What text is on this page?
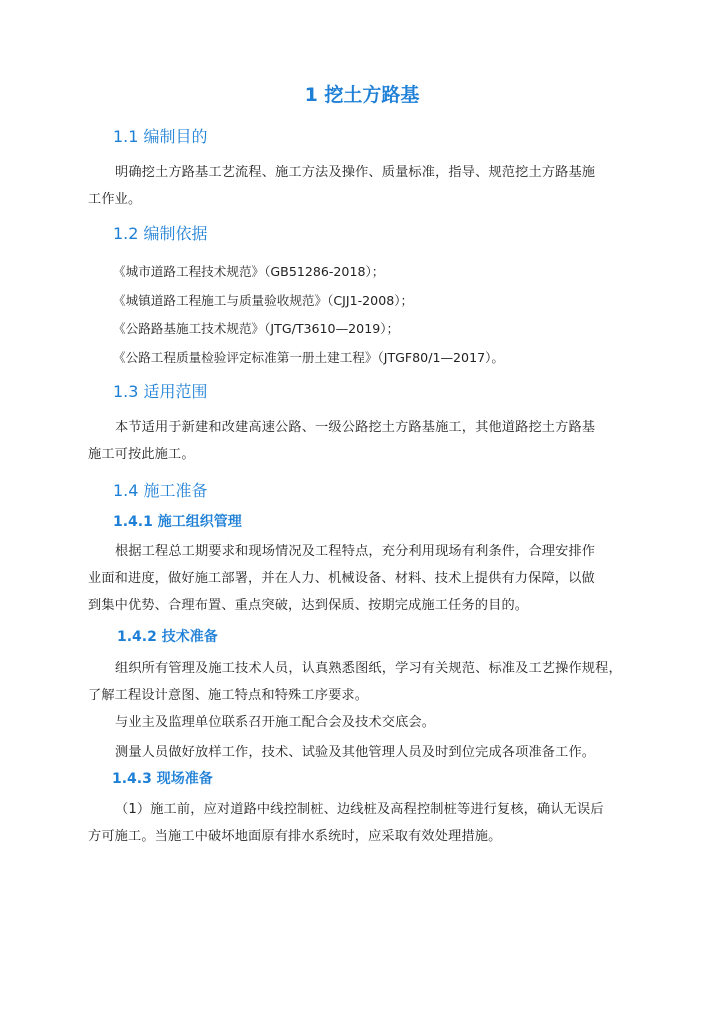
1 挖土方路基
1.1 编制目的
明确挖土方路基工艺流程、施工方法及操作、质量标准，指导、规范挖土方路基施
工作业。
1.2 编制依据
《城市道路工程技术规范》（GB51286-2018）；
《城镇道路工程施工与质量验收规范》（CJJ1-2008）；
《公路路基施工技术规范》（JTG/T3610—2019）；
《公路工程质量检验评定标准第一册土建工程》（JTGF80/1—2017）。
1.3 适用范围
本节适用于新建和改建高速公路、一级公路挖土方路基施工，其他道路挖土方路基
施工可按此施工。
1.4 施工准备
1.4.1 施工组织管理
根据工程总工期要求和现场情况及工程特点，充分利用现场有利条件，合理安排作
业面和进度，做好施工部署，并在人力、机械设备、材料、技术上提供有力保障，以做
到集中优势、合理布置、重点突破，达到保质、按期完成施工任务的目的。
1.4.2 技术准备
组织所有管理及施工技术人员，认真熟悉图纸，学习有关规范、标准及工艺操作规程，
了解工程设计意图、施工特点和特殊工序要求。
与业主及监理单位联系召开施工配合会及技术交底会。
测量人员做好放样工作，技术、试验及其他管理人员及时到位完成各项准备工作。
1.4.3 现场准备
（1）施工前，应对道路中线控制桩、边线桩及高程控制桩等进行复核，确认无误后
方可施工。当施工中破坏地面原有排水系统时，应采取有效处理措施。
